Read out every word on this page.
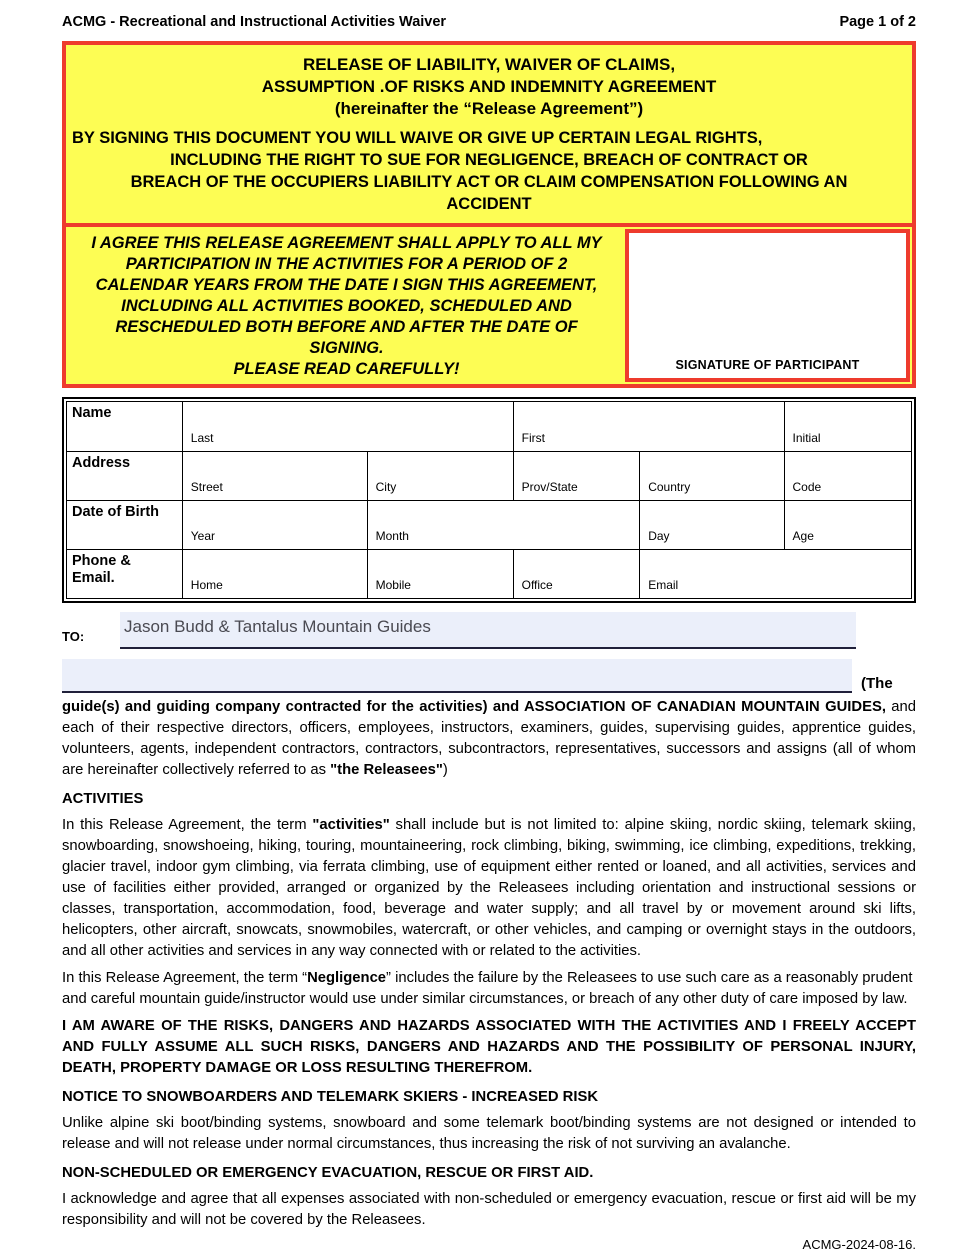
ACMG - Recreational and Instructional Activities Waiver	Page 1 of 2
RELEASE OF LIABILITY, WAIVER OF CLAIMS,
ASSUMPTION .OF RISKS AND INDEMNITY AGREEMENT
(hereinafter the “Release Agreement”)
BY SIGNING THIS DOCUMENT YOU WILL WAIVE OR GIVE UP CERTAIN LEGAL RIGHTS,
INCLUDING THE RIGHT TO SUE FOR NEGLIGENCE, BREACH OF CONTRACT OR
BREACH OF THE OCCUPIERS LIABILITY ACT OR CLAIM COMPENSATION FOLLOWING AN
ACCIDENT
I AGREE THIS RELEASE AGREEMENT SHALL APPLY TO ALL MY PARTICIPATION IN THE ACTIVITIES FOR A PERIOD OF 2 CALENDAR YEARS FROM THE DATE I SIGN THIS AGREEMENT, INCLUDING ALL ACTIVITIES BOOKED, SCHEDULED AND RESCHEDULED BOTH BEFORE AND AFTER THE DATE OF SIGNING.
PLEASE READ CAREFULLY!	SIGNATURE OF PARTICIPANT
Name
Last	First	Initial
Address
Street	City	Prov/State	Country	Code
Date of Birth
Year	Month	Day	Age
Phone & Email.	Home	Mobile	Office	Email
TO:
Jason Budd & Tantalus Mountain Guides
(The
guide(s) and guiding company contracted for the activities) and ASSOCIATION OF CANADIAN MOUNTAIN GUIDES, and each of their respective directors, officers, employees, instructors, examiners, guides, supervising guides, apprentice guides, volunteers, agents, independent contractors, contractors, subcontractors, representatives, successors and assigns (all of whom are hereinafter collectively referred to as "the Releasees")
ACTIVITIES
In this Release Agreement, the term "activities" shall include but is not limited to: alpine skiing, nordic skiing, telemark skiing, snowboarding, snowshoeing, hiking, touring, mountaineering, rock climbing, biking, swimming, ice climbing, expeditions, trekking, glacier travel, indoor gym climbing, via ferrata climbing, use of equipment either rented or loaned, and all activities, services and use of facilities either provided, arranged or organized by the Releasees including orientation and instructional sessions or classes, transportation, accommodation, food, beverage and water supply; and all travel by or movement around ski lifts, helicopters, other aircraft, snowcats, snowmobiles, watercraft, or other vehicles, and camping or overnight stays in the outdoors, and all other activities and services in any way connected with or related to the activities.
In this Release Agreement, the term “Negligence” includes the failure by the Releasees to use such care as a reasonably prudent and careful mountain guide/instructor would use under similar circumstances, or breach of any other duty of care imposed by law.
I AM AWARE OF THE RISKS, DANGERS AND HAZARDS ASSOCIATED WITH THE ACTIVITIES AND I FREELY ACCEPT AND FULLY ASSUME ALL SUCH RISKS, DANGERS AND HAZARDS AND THE POSSIBILITY OF PERSONAL INJURY, DEATH, PROPERTY DAMAGE OR LOSS RESULTING THEREFROM.
NOTICE TO SNOWBOARDERS AND TELEMARK SKIERS - INCREASED RISK
Unlike alpine ski boot/binding systems, snowboard and some telemark boot/binding systems are not designed or intended to release and will not release under normal circumstances, thus increasing the risk of not surviving an avalanche.
NON-SCHEDULED OR EMERGENCY EVACUATION, RESCUE OR FIRST AID.
I acknowledge and agree that all expenses associated with non-scheduled or emergency evacuation, rescue or first aid will be my responsibility and will not be covered by the Releasees.
ACMG-2024-08-16.
